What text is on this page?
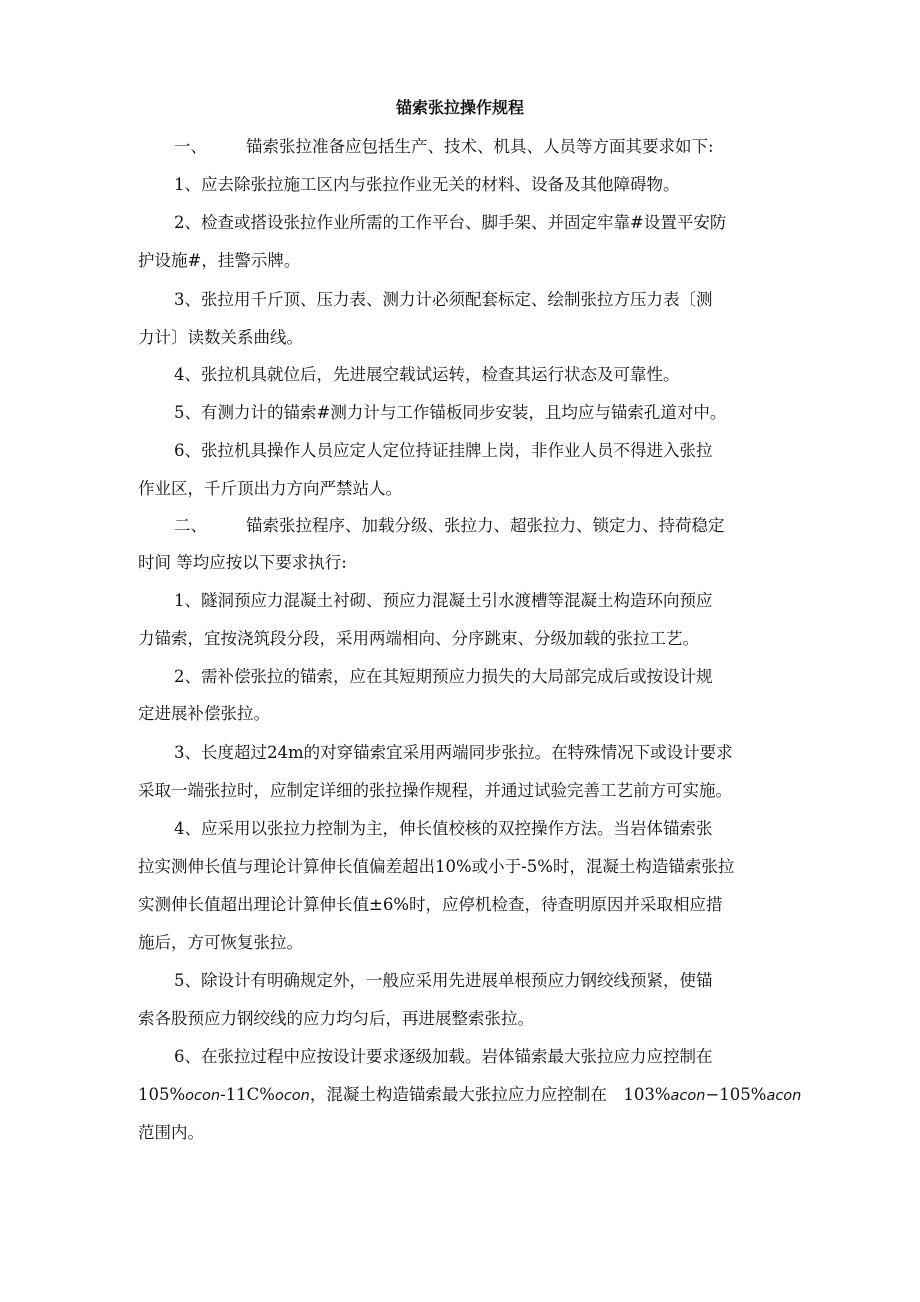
锚索张拉操作规程
一、 锚索张拉准备应包括生产、技术、机具、人员等方面其要求如下:
1、应去除张拉施工区内与张拉作业无关的材料、设备及其他障碍物。
2、检查或搭设张拉作业所需的工作平台、脚手架、并固定牢靠#设置平安防
护设施#，挂警示牌。
3、张拉用千斤顶、压力表、测力计必须配套标定、绘制张拉方压力表〔测
力计〕读数关系曲线。
4、张拉机具就位后，先进展空载试运转，检查其运行状态及可靠性。
5、有测力计的锚索#测力计与工作锚板同步安装，且均应与锚索孔道对中。
6、张拉机具操作人员应定人定位持证挂牌上岗，非作业人员不得进入张拉
作业区，千斤顶出力方向严禁站人。
二、 锚索张拉程序、加载分级、张拉力、超张拉力、锁定力、持荷稳定
时间 等均应按以下要求执行:
1、隧洞预应力混凝土衬砌、预应力混凝土引水渡槽等混凝土构造环向预应
力锚索，宜按浇筑段分段，采用两端相向、分序跳束、分级加载的张拉工艺。
2、需补偿张拉的锚索，应在其短期预应力损失的大局部完成后或按设计规
定进展补偿张拉。
3、长度超过24m的对穿锚索宜采用两端同步张拉。在特殊情况下或设计要求
采取一端张拉时，应制定详细的张拉操作规程，并通过试验完善工艺前方可实施。
4、应采用以张拉力控制为主，伸长值校核的双控操作方法。当岩体锚索张
拉实测伸长值与理论计算伸长值偏差超出10%或小于-5%时，混凝土构造锚索张拉
实测伸长值超出理论计算伸长值±6%时，应停机检查，待查明原因并采取相应措
施后，方可恢复张拉。
5、除设计有明确规定外，一般应采用先进展单根预应力钢绞线预紧，使锚
索各股预应力钢绞线的应力均匀后，再进展整索张拉。
6、在张拉过程中应按设计要求逐级加载。岩体锚索最大张拉应力应控制在
105%ocon-11C%ocon，混凝土构造锚索最大张拉应力应控制在　103%acon−105%acon
范围内。
